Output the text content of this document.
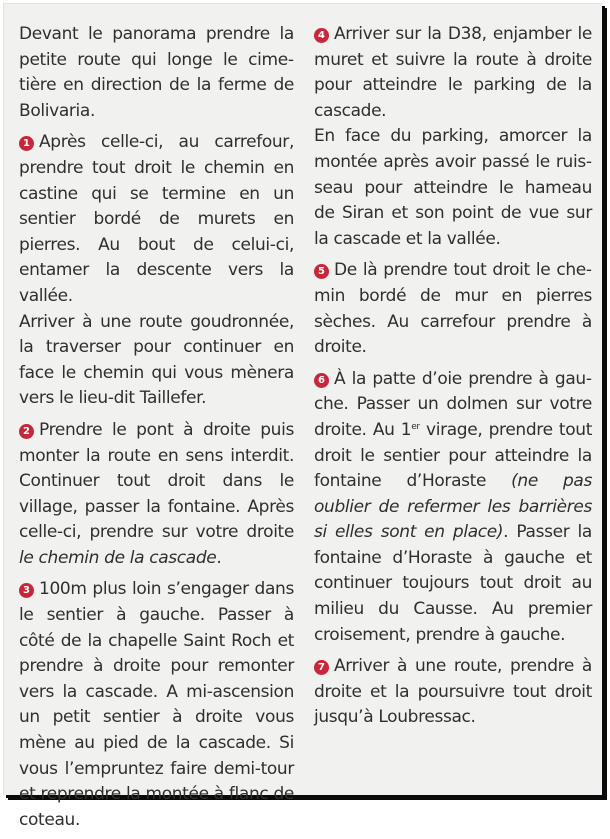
Devant le panorama prendre la petite route qui longe le cimetière en direction de la ferme de Bolivaria.

1 Après celle-ci, au carrefour, prendre tout droit le chemin en castine qui se termine en un sentier bordé de murets en pierres. Au bout de celui-ci, entamer la descente vers la vallée.

Arriver à une route goudronnée, la traverser pour continuer en face le chemin qui vous mènera vers le lieu-dit Taillefer.

2 Prendre le pont à droite puis monter la route en sens interdit. Continuer tout droit dans le village, passer la fontaine. Après celle-ci, prendre sur votre droite le chemin de la cascade.

3 100m plus loin s’engager dans le sentier à gauche. Passer à côté de la chapelle Saint Roch et prendre à droite pour remonter vers la cascade. A mi-ascension un petit sentier à droite vous mène au pied de la cascade. Si vous l’empruntez faire demi-tour et reprendre la montée à flanc de coteau.

4 Arriver sur la D38, enjamber le muret et suivre la route à droite pour atteindre le parking de la cascade.

En face du parking, amorcer la montée après avoir passé le ruisseau pour atteindre le hameau de Siran et son point de vue sur la cascade et la vallée.

5 De là prendre tout droit le chemin bordé de mur en pierres sèches. Au carrefour prendre à droite.

6 À la patte d’oie prendre à gauche. Passer un dolmen sur votre droite. Au 1er virage, prendre tout droit le sentier pour atteindre la fontaine d’Horaste (ne pas oublier de refermer les barrières si elles sont en place). Passer la fontaine d’Horaste à gauche et continuer toujours tout droit au milieu du Causse. Au premier croisement, prendre à gauche.

7 Arriver à une route, prendre à droite et la poursuivre tout droit jusqu’à Loubressac.
